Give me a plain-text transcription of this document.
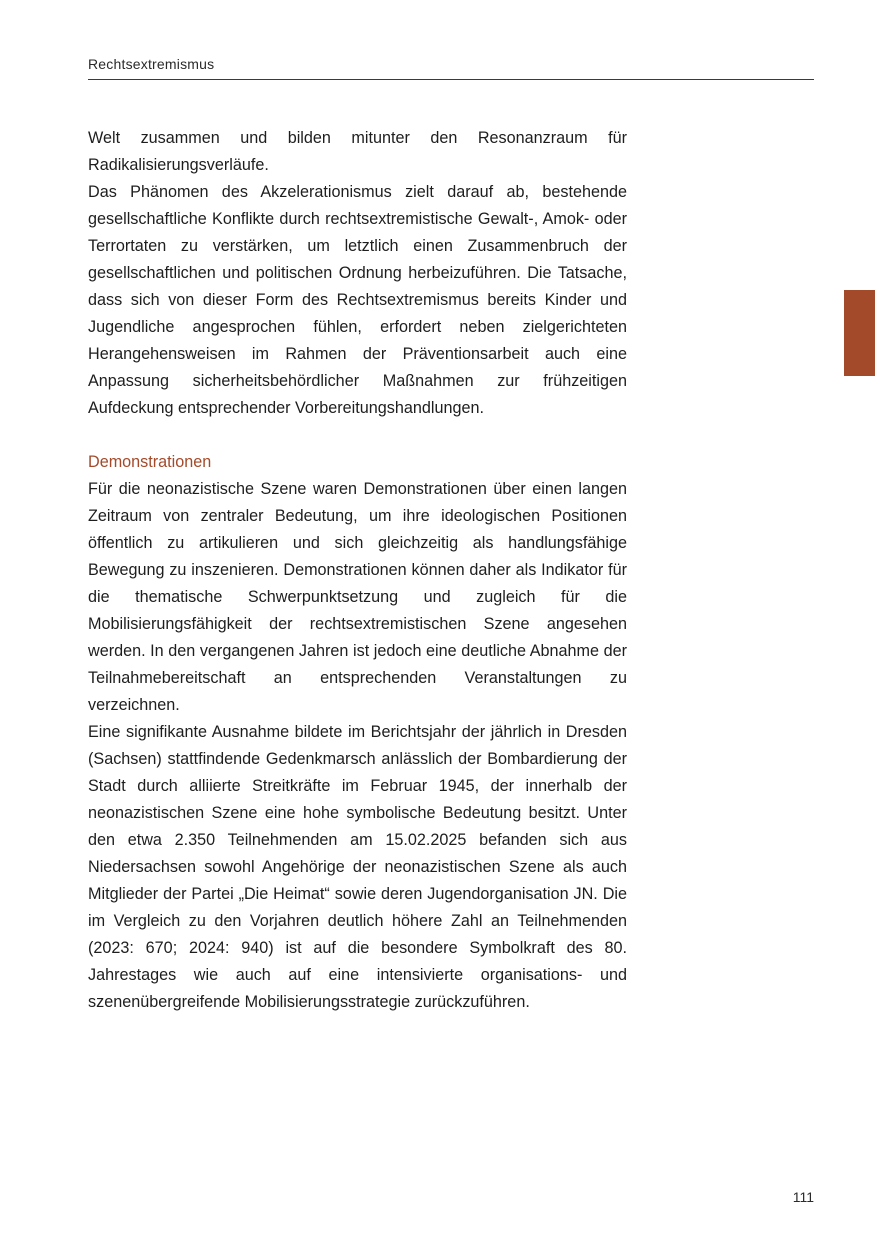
Rechtsextremismus

Welt zusammen und bilden mitunter den Resonanzraum für Radikalisierungsverläufe.

Das Phänomen des Akzelerationismus zielt darauf ab, bestehende gesellschaftliche Konflikte durch rechtsextremistische Gewalt-, Amok- oder Terrortaten zu verstärken, um letztlich einen Zusammenbruch der gesellschaftlichen und politischen Ordnung herbeizuführen. Die Tatsache, dass sich von dieser Form des Rechtsextremismus bereits Kinder und Jugendliche angesprochen fühlen, erfordert neben zielgerichteten Herangehensweisen im Rahmen der Präventionsarbeit auch eine Anpassung sicherheitsbehördlicher Maßnahmen zur frühzeitigen Aufdeckung entsprechender Vorbereitungshandlungen.

Demonstrationen

Für die neonazistische Szene waren Demonstrationen über einen langen Zeitraum von zentraler Bedeutung, um ihre ideologischen Positionen öffentlich zu artikulieren und sich gleichzeitig als handlungsfähige Bewegung zu inszenieren. Demonstrationen können daher als Indikator für die thematische Schwerpunktsetzung und zugleich für die Mobilisierungsfähigkeit der rechtsextremistischen Szene angesehen werden. In den vergangenen Jahren ist jedoch eine deutliche Abnahme der Teilnahmebereitschaft an entsprechenden Veranstaltungen zu verzeichnen.

Eine signifikante Ausnahme bildete im Berichtsjahr der jährlich in Dresden (Sachsen) stattfindende Gedenkmarsch anlässlich der Bombardierung der Stadt durch alliierte Streitkräfte im Februar 1945, der innerhalb der neonazistischen Szene eine hohe symbolische Bedeutung besitzt. Unter den etwa 2.350 Teilnehmenden am 15.02.2025 befanden sich aus Niedersachsen sowohl Angehörige der neonazistischen Szene als auch Mitglieder der Partei „Die Heimat“ sowie deren Jugendorganisation JN. Die im Vergleich zu den Vorjahren deutlich höhere Zahl an Teilnehmenden (2023: 670; 2024: 940) ist auf die besondere Symbolkraft des 80. Jahrestages wie auch auf eine intensivierte organisations- und szenenübergreifende Mobilisierungsstrategie zurückzuführen.

111
